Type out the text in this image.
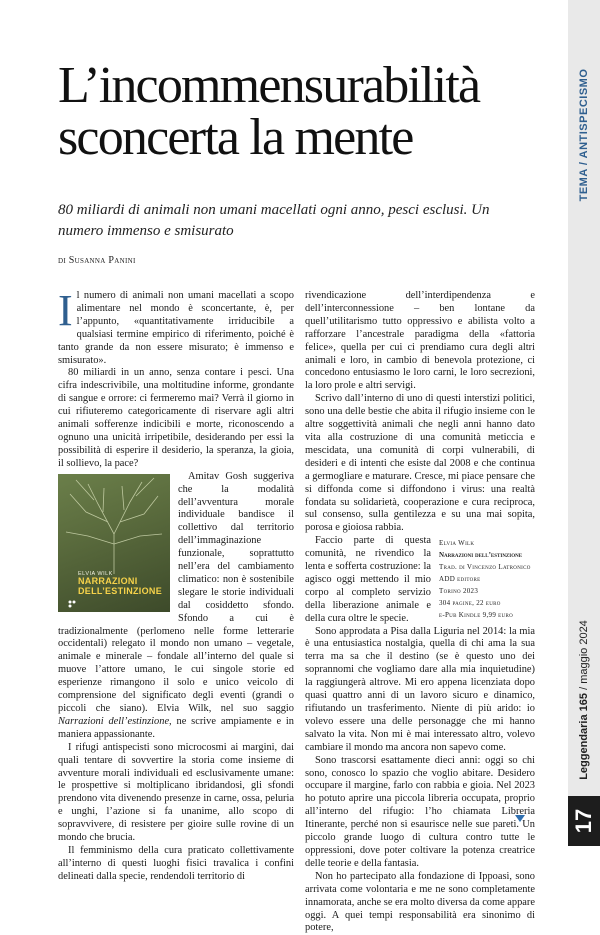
TEMA / ANTISPECISMO
Leggendaria 165 / maggio 2024
17
L’incommensurabilità
sconcerta la mente
80 miliardi di animali non umani macellati ogni anno, pesci esclusi. Un numero immenso e smisurato
di Susanna Panini

Il numero di animali non umani macellati a scopo alimentare nel mondo è sconcertante, è, per l’appunto, «quantitativamente irriducibile a qualsiasi termine empirico di riferimento, poiché è tanto grande da non essere misurato; è immenso e smisurato».

80 miliardi in un anno, senza contare i pesci. Una cifra indescrivibile, una moltitudine informe, grondante di sangue e orrore: ci fermeremo mai? Verrà il giorno in cui rifiuteremo categoricamente di riservare agli altri animali sofferenze indicibili e morte, riconoscendo a ognuno una unicità irripetibile, desiderando per essi la possibilità di esperire il desiderio, la speranza, la gioia, il sollievo, la pace?

ELVIA WILK
NARRAZIONI
DELL’ESTINZIONE
Amitav Gosh suggeriva che la modalità dell’avventura morale individuale bandisce il collettivo dal territorio dell’immaginazione funzionale, soprattutto nell’era del cambiamento climatico: non è sostenibile slegare le storie individuali dal cosiddetto sfondo. Sfondo a cui è tradizionalmente (perlomeno nelle forme letterarie occidentali) relegato il mondo non umano – vegetale, animale e minerale – fondale all’interno del quale si muove l’attore umano, le cui singole storie ed esperienze rimangono il solo e unico veicolo di comprensione del significato degli eventi (grandi o piccoli che siano). Elvia Wilk, nel suo saggio Narrazioni dell’estinzione, ne scrive ampiamente e in maniera appassionante.

I rifugi antispecisti sono microcosmi ai margini, dai quali tentare di sovvertire la storia come insieme di avventure morali individuali ed esclusivamente umane: le prospettive si moltiplicano ibridandosi, gli sfondi prendono vita divenendo presenze in carne, ossa, peluria e unghi, l’azione si fa unanime, allo scopo di sopravvivere, di resistere per gioire sulle rovine di un mondo che brucia.

Il femminismo della cura praticato collettivamente all’interno di questi luoghi fisici travalica i confini delineati dalla specie, rendendoli territorio di

rivendicazione dell’interdipendenza e dell’interconnessione – ben lontane da quell’utilitarismo tutto oppressivo e abilista volto a rafforzare l’ancestrale paradigma della «fattoria felice», quella per cui ci prendiamo cura degli altri animali e loro, in cambio di benevola protezione, ci concedono entusiasmo le loro carni, le loro secrezioni, la loro prole e altri servigi.

Scrivo dall’interno di uno di questi interstizi politici, sono una delle bestie che abita il rifugio insieme con le altre soggettività animali che negli anni hanno dato vita alla costruzione di una comunità meticcia e mescidata, una comunità di corpi vulnerabili, di desideri e di intenti che esiste dal 2008 e che continua a germogliare e maturare. Cresce, mi piace pensare che si diffonda come si diffondono i virus: una realtà fondata su solidarietà, cooperazione e cura reciproca, sul consenso, sulla gentilezza e su una mai sopita, porosa e gioiosa rabbia.

Elvia Wilk
Narrazioni dell’estinzione
Trad. di Vincenzo Latronico
ADD editore
Torino 2023
304 pagine, 22 euro
e-Pub Kindle 9,99 euro

Faccio parte di questa comunità, ne rivendico la lenta e sofferta costruzione: la agisco oggi mettendo il mio corpo al completo servizio della liberazione animale e della cura oltre le specie.

Sono approdata a Pisa dalla Liguria nel 2014: la mia è una entusiastica nostalgia, quella di chi ama la sua terra ma sa che il destino (se è questo uno dei soprannomi che vogliamo dare alla mia inquietudine) la raggiungerà altrove. Mi ero appena licenziata dopo quasi quattro anni di un lavoro sicuro e dinamico, rifiutando un trasferimento. Niente di più arido: io volevo essere una delle personagge che mi hanno salvato la vita. Non mi è mai interessato altro, volevo cambiare il mondo ma ancora non sapevo come.

Sono trascorsi esattamente dieci anni: oggi so chi sono, conosco lo spazio che voglio abitare. Desidero occupare il margine, farlo con rabbia e gioia. Nel 2023 ho potuto aprire una piccola libreria occupata, proprio all’interno del rifugio: l’ho chiamata Libreria Itinerante, perché non si esaurisce nelle sue pareti. Un piccolo grande luogo di cultura contro tutte le oppressioni, dove poter coltivare la potenza creatrice delle teorie e della fantasia.

Non ho partecipato alla fondazione di Ippoasi, sono arrivata come volontaria e me ne sono completamente innamorata, anche se era molto diversa da come appare oggi. A quei tempi responsabilità era sinonimo di potere,
